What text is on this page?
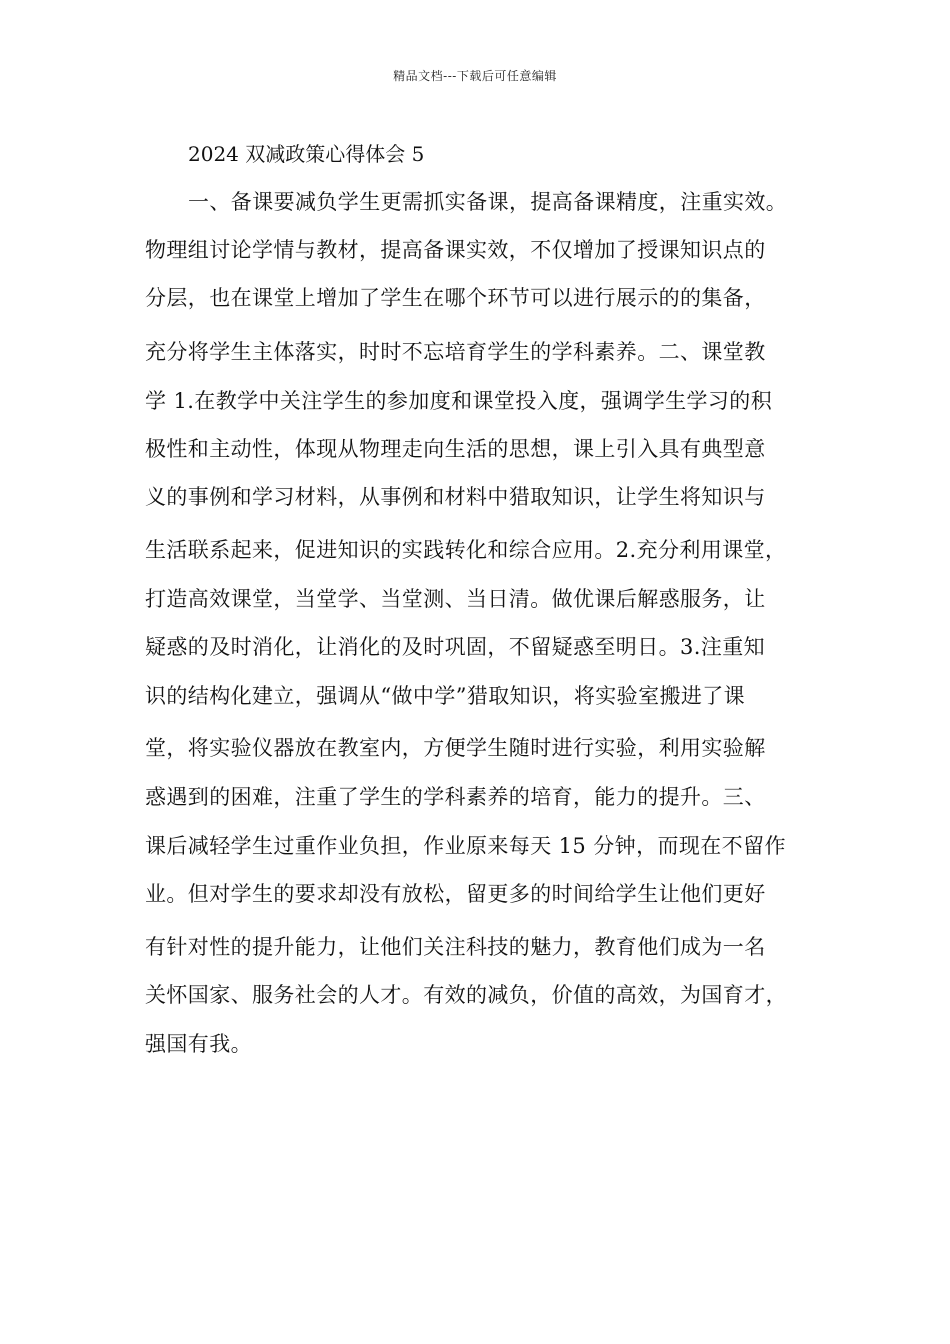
精品文档---下载后可任意编辑
2024 双减政策心得体会 5
一、备课要减负学生更需抓实备课，提高备课精度，注重实效。
物理组讨论学情与教材，提高备课实效，不仅增加了授课知识点的
分层，也在课堂上增加了学生在哪个环节可以进行展示的的集备，
充分将学生主体落实，时时不忘培育学生的学科素养。二、课堂教
学 1.在教学中关注学生的参加度和课堂投入度，强调学生学习的积
极性和主动性，体现从物理走向生活的思想，课上引入具有典型意
义的事例和学习材料，从事例和材料中猎取知识，让学生将知识与
生活联系起来，促进知识的实践转化和综合应用。2.充分利用课堂，
打造高效课堂，当堂学、当堂测、当日清。做优课后解惑服务，让
疑惑的及时消化，让消化的及时巩固，不留疑惑至明日。3.注重知
识的结构化建立，强调从“做中学”猎取知识，将实验室搬进了课
堂，将实验仪器放在教室内，方便学生随时进行实验，利用实验解
惑遇到的困难，注重了学生的学科素养的培育，能力的提升。三、
课后减轻学生过重作业负担，作业原来每天 15 分钟，而现在不留作
业。但对学生的要求却没有放松，留更多的时间给学生让他们更好
有针对性的提升能力，让他们关注科技的魅力，教育他们成为一名
关怀国家、服务社会的人才。有效的减负，价值的高效，为国育才，
强国有我。
